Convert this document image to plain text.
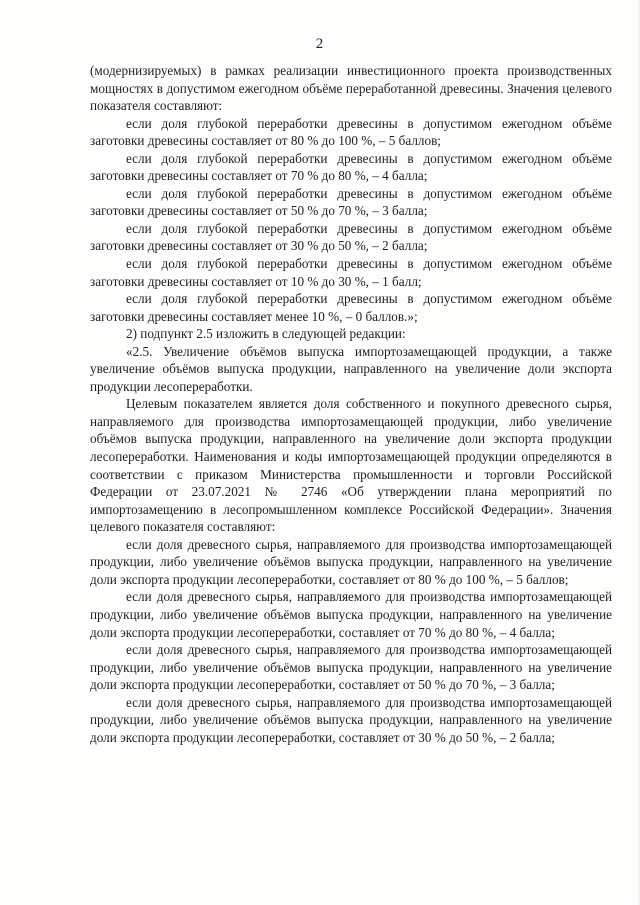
2

(модернизируемых) в рамках реализации инвестиционного проекта производственных мощностях в допустимом ежегодном объёме переработанной древесины. Значения целевого показателя составляют:

если доля глубокой переработки древесины в допустимом ежегодном объёме заготовки древесины составляет от 80 % до 100 %, – 5 баллов;

если доля глубокой переработки древесины в допустимом ежегодном объёме заготовки древесины составляет от 70 % до 80 %, – 4 балла;

если доля глубокой переработки древесины в допустимом ежегодном объёме заготовки древесины составляет от 50 % до 70 %, – 3 балла;

если доля глубокой переработки древесины в допустимом ежегодном объёме заготовки древесины составляет от 30 % до 50 %, – 2 балла;

если доля глубокой переработки древесины в допустимом ежегодном объёме заготовки древесины составляет от 10 % до 30 %, – 1 балл;

если доля глубокой переработки древесины в допустимом ежегодном объёме заготовки древесины составляет менее 10 %, – 0 баллов.»;

2) подпункт 2.5 изложить в следующей редакции:

«2.5. Увеличение объёмов выпуска импортозамещающей продукции, а также увеличение объёмов выпуска продукции, направленного на увеличение доли экспорта продукции лесопереработки.

Целевым показателем является доля собственного и покупного древесного сырья, направляемого для производства импортозамещающей продукции, либо увеличение объёмов выпуска продукции, направленного на увеличение доли экспорта продукции лесопереработки. Наименования и коды импортозамещающей продукции определяются в соответствии с приказом Министерства промышленности и торговли Российской Федерации от 23.07.2021 № 2746 «Об утверждении плана мероприятий по импортозамещению в лесопромышленном комплексе Российской Федерации». Значения целевого показателя составляют:

если доля древесного сырья, направляемого для производства импортозамещающей продукции, либо увеличение объёмов выпуска продукции, направленного на увеличение доли экспорта продукции лесопереработки, составляет от 80 % до 100 %, – 5 баллов;

если доля древесного сырья, направляемого для производства импортозамещающей продукции, либо увеличение объёмов выпуска продукции, направленного на увеличение доли экспорта продукции лесопереработки, составляет от 70 % до 80 %, – 4 балла;

если доля древесного сырья, направляемого для производства импортозамещающей продукции, либо увеличение объёмов выпуска продукции, направленного на увеличение доли экспорта продукции лесопереработки, составляет от 50 % до 70 %, – 3 балла;

если доля древесного сырья, направляемого для производства импортозамещающей продукции, либо увеличение объёмов выпуска продукции, направленного на увеличение доли экспорта продукции лесопереработки, составляет от 30 % до 50 %, – 2 балла;
